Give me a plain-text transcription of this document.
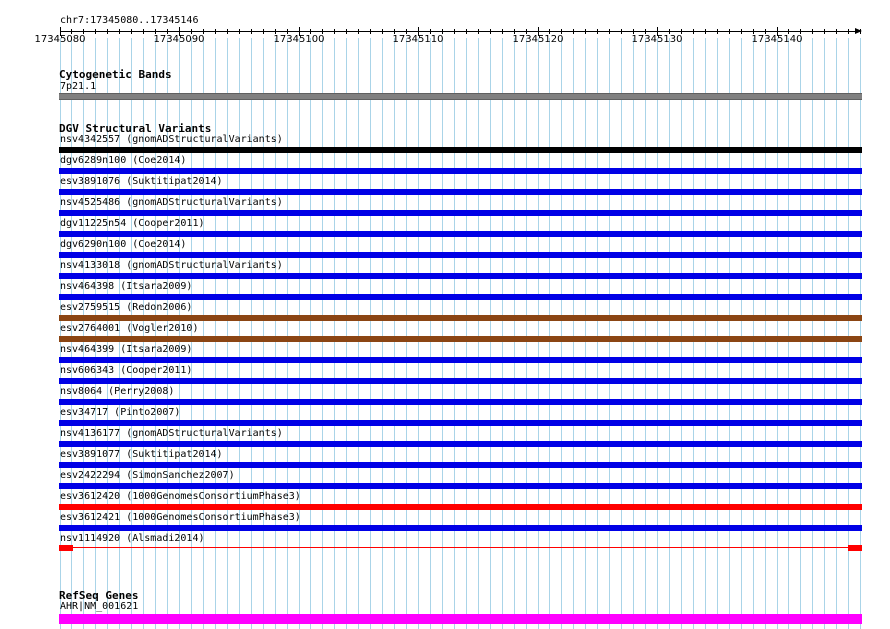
chr7:17345080..17345146
17345080	17345090	17345100	17345110	17345120	17345130	17345140
Cytogenetic Bands
7p21.1
DGV Structural Variants
nsv4342557 (gnomADStructuralVariants)
dgv6289n100 (Coe2014)
esv3891076 (Suktitipat2014)
nsv4525486 (gnomADStructuralVariants)
dgv11225n54 (Cooper2011)
dgv6290n100 (Coe2014)
nsv4133018 (gnomADStructuralVariants)
nsv464398 (Itsara2009)
esv2759515 (Redon2006)
esv2764001 (Vogler2010)
nsv464399 (Itsara2009)
nsv606343 (Cooper2011)
nsv8064 (Perry2008)
esv34717 (Pinto2007)
nsv4136177 (gnomADStructuralVariants)
esv3891077 (Suktitipat2014)
esv2422294 (SimonSanchez2007)
esv3612420 (1000GenomesConsortiumPhase3)
esv3612421 (1000GenomesConsortiumPhase3)
nsv1114920 (Alsmadi2014)
RefSeq Genes
AHR|NM_001621
